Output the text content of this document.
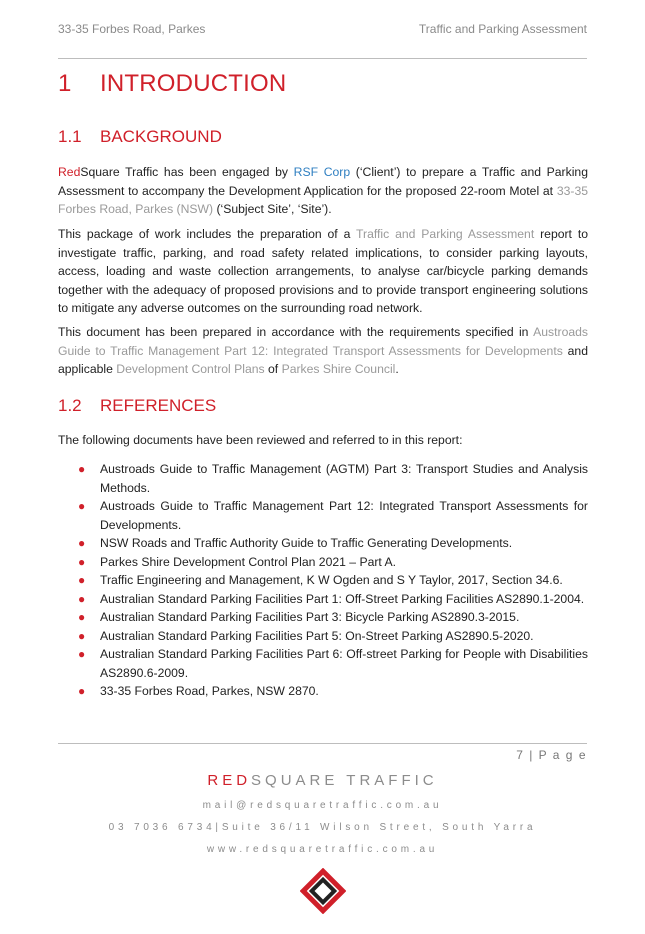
33-35 Forbes Road, Parkes	Traffic and Parking Assessment
1 INTRODUCTION
1.1 BACKGROUND

RedSquare Traffic has been engaged by RSF Corp (‘Client’) to prepare a Traffic and Parking Assessment to accompany the Development Application for the proposed 22-room Motel at 33-35 Forbes Road, Parkes (NSW) (‘Subject Site’, ‘Site’).

This package of work includes the preparation of a Traffic and Parking Assessment report to investigate traffic, parking, and road safety related implications, to consider parking layouts, access, loading and waste collection arrangements, to analyse car/bicycle parking demands together with the adequacy of proposed provisions and to provide transport engineering solutions to mitigate any adverse outcomes on the surrounding road network.

This document has been prepared in accordance with the requirements specified in Austroads Guide to Traffic Management Part 12: Integrated Transport Assessments for Developments and applicable Development Control Plans of Parkes Shire Council.

1.2 REFERENCES

The following documents have been reviewed and referred to in this report:

● Austroads Guide to Traffic Management (AGTM) Part 3: Transport Studies and Analysis Methods.
● Austroads Guide to Traffic Management Part 12: Integrated Transport Assessments for Developments.
● NSW Roads and Traffic Authority Guide to Traffic Generating Developments.
● Parkes Shire Development Control Plan 2021 – Part A.
● Traffic Engineering and Management, K W Ogden and S Y Taylor, 2017, Section 34.6.
● Australian Standard Parking Facilities Part 1: Off-Street Parking Facilities AS2890.1-2004.
● Australian Standard Parking Facilities Part 3: Bicycle Parking AS2890.3-2015.
● Australian Standard Parking Facilities Part 5: On-Street Parking AS2890.5-2020.
● Australian Standard Parking Facilities Part 6: Off-street Parking for People with Disabilities AS2890.6-2009.
● 33-35 Forbes Road, Parkes, NSW 2870.
7 | P a g e
REDSQUARE TRAFFIC
mail@redsquaretraffic.com.au
03 7036 6734|Suite 36/11 Wilson Street, South Yarra
www.redsquaretraffic.com.au
